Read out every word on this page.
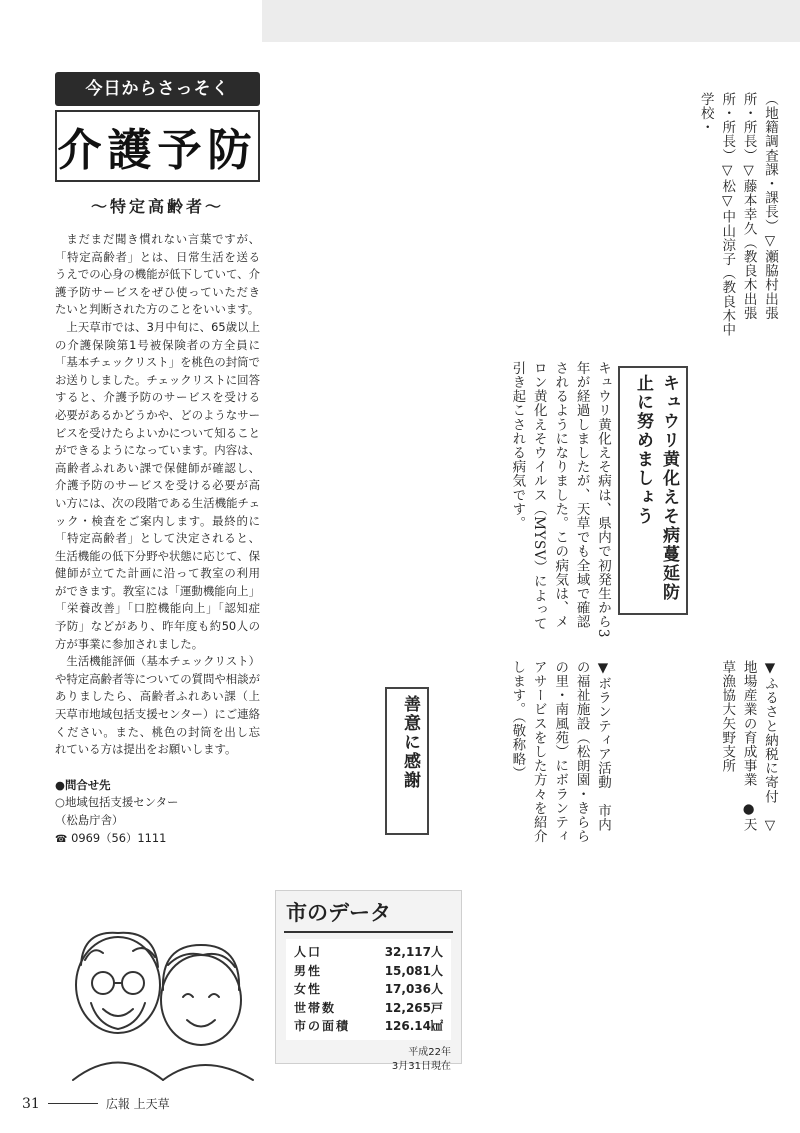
今日からさっそく
介護予防
～特定高齢者～

まだまだ聞き慣れない言葉ですが、「特定高齢者」とは、日常生活を送るうえでの心身の機能が低下していて、介護予防サービスをぜひ使っていただきたいと判断された方のことをいいます。

上天草市では、3月中旬に、65歳以上の介護保険第1号被保険者の方全員に「基本チェックリスト」を桃色の封筒でお送りしました。チェックリストに回答すると、介護予防のサービスを受ける必要があるかどうかや、どのようなサービスを受けたらよいかについて知ることができるようになっています。内容は、高齢者ふれあい課で保健師が確認し、介護予防のサービスを受ける必要が高い方には、次の段階である生活機能チェック・検査をご案内します。最終的に「特定高齢者」として決定されると、生活機能の低下分野や状態に応じて、保健師が立てた計画に沿って教室の利用ができます。教室には「運動機能向上」「栄養改善」「口腔機能向上」「認知症予防」などがあり、昨年度も約50人の方が事業に参加されました。

生活機能評価（基本チェックリスト）や特定高齢者等についての質問や相談がありましたら、高齢者ふれあい課（上天草市地域包括支援センター）にご連絡ください。また、桃色の封筒を出し忘れている方は提出をお願いします。

●問合せ先
○地域包括支援センター
（松島庁舎）
☎ 0969（56）1111
（地籍調査課・課長）▽瀬脇村出張所・所長）▽藤本幸久（教良木出張所・所長）▽松▽中山涼子（教良木中学校・
キュウリ黄化えそ病蔓延防止に努めましょう
キュウリ黄化えそ病は、県内で初発生から3年が経過しましたが、天草でも全域で確認されるようになりました。この病気は、メロン黄化えそウイルス（MYSV）によって引き起こされる病気です。
善意に感謝	▼ボランティア活動　市内の福祉施設（松朗園・きららの里・南風苑）にボランティアサービスをした方々を紹介します。（敬称略）	▼ふるさと納税に寄付　▽地場産業の育成事業　●天草漁協大矢野支所
市のデータ
人口	32,117人
男性	15,081人
女性	17,036人
世帯数	12,265戸
市の面積	126.14㎢
平成22年
3月31日現在
31	広報 上天草
